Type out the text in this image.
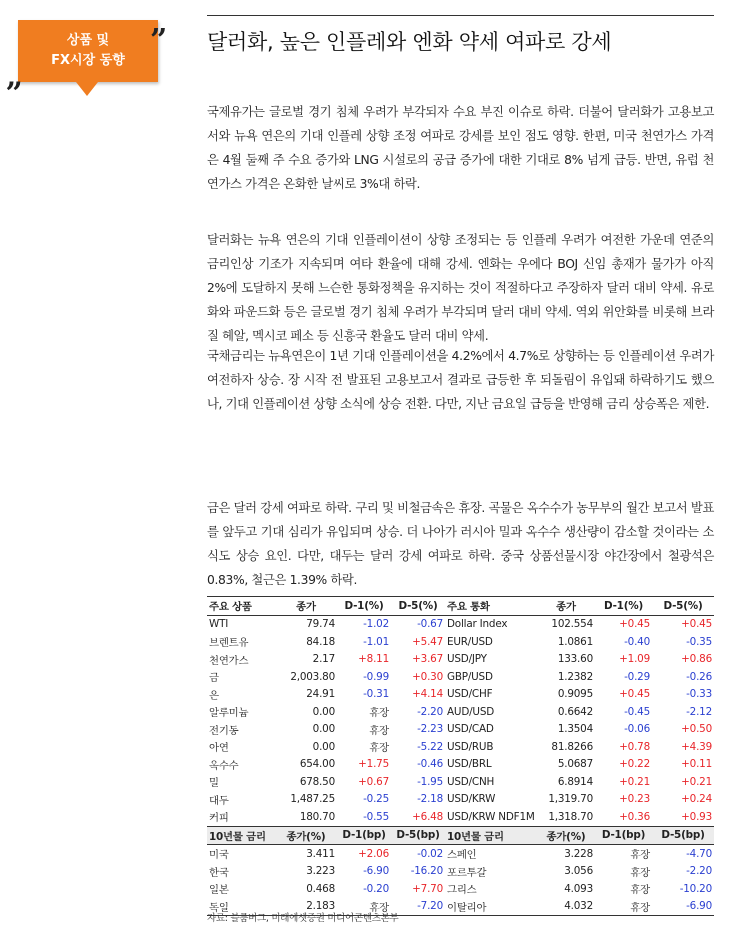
상품 및
FX시장 동향
„
” 달러화, 높은 인플레와 엔화 약세 여파로 강세

국제유가는 글로벌 경기 침체 우려가 부각되자 수요 부진 이슈로 하락. 더불어 달러화가 고용보고서와 뉴욕 연은의 기대 인플레 상향 조정 여파로 강세를 보인 점도 영향. 한편, 미국 천연가스 가격은 4월 둘째 주 수요 증가와 LNG 시설로의 공급 증가에 대한 기대로 8% 넘게 급등. 반면, 유럽 천연가스 가격은 온화한 날씨로 3%대 하락.

달러화는 뉴욕 연은의 기대 인플레이션이 상향 조정되는 등 인플레 우려가 여전한 가운데 연준의 금리인상 기조가 지속되며 여타 환율에 대해 강세. 엔화는 우에다 BOJ 신임 총재가 물가가 아직 2%에 도달하지 못해 느슨한 통화정책을 유지하는 것이 적절하다고 주장하자 달러 대비 약세. 유로화와 파운드화 등은 글로벌 경기 침체 우려가 부각되며 달러 대비 약세. 역외 위안화를 비롯해 브라질 헤알, 멕시코 페소 등 신흥국 환율도 달러 대비 약세.

국채금리는 뉴욕연은이 1년 기대 인플레이션을 4.2%에서 4.7%로 상향하는 등 인플레이션 우려가 여전하자 상승. 장 시작 전 발표된 고용보고서 결과로 급등한 후 되돌림이 유입돼 하락하기도 했으나, 기대 인플레이션 상향 소식에 상승 전환. 다만, 지난 금요일 급등을 반영해 금리 상승폭은 제한.

금은 달러 강세 여파로 하락. 구리 및 비철금속은 휴장. 곡물은 옥수수가 농무부의 월간 보고서 발표를 앞두고 기대 심리가 유입되며 상승. 더 나아가 러시아 밀과 옥수수 생산량이 감소할 것이라는 소식도 상승 요인. 다만, 대두는 달러 강세 여파로 하락. 중국 상품선물시장 야간장에서 철광석은 0.83%, 철근은 1.39% 하락.

주요 상품	종가	D-1(%)	D-5(%)	주요 통화	종가	D-1(%)	D-5(%)
WTI	79.74	-1.02	-0.67	Dollar Index	102.554	+0.45	+0.45
브렌트유	84.18	-1.01	+5.47	EUR/USD	1.0861	-0.40	-0.35
천연가스	2.17	+8.11	+3.67	USD/JPY	133.60	+1.09	+0.86
금	2,003.80	-0.99	+0.30	GBP/USD	1.2382	-0.29	-0.26
은	24.91	-0.31	+4.14	USD/CHF	0.9095	+0.45	-0.33
알루미늄	0.00	휴장	-2.20	AUD/USD	0.6642	-0.45	-2.12
전기동	0.00	휴장	-2.23	USD/CAD	1.3504	-0.06	+0.50
아연	0.00	휴장	-5.22	USD/RUB	81.8266	+0.78	+4.39
옥수수	654.00	+1.75	-0.46	USD/BRL	5.0687	+0.22	+0.11
밀	678.50	+0.67	-1.95	USD/CNH	6.8914	+0.21	+0.21
대두	1,487.25	-0.25	-2.18	USD/KRW	1,319.70	+0.23	+0.24
커피	180.70	-0.55	+6.48	USD/KRW NDF1M	1,318.70	+0.36	+0.93
10년물 금리	종가(%)	D-1(bp)	D-5(bp)	10년물 금리	종가(%)	D-1(bp)	D-5(bp)
미국	3.411	+2.06	-0.02	스페인	3.228	휴장	-4.70
한국	3.223	-6.90	-16.20	포르투갈	3.056	휴장	-2.20
일본	0.468	-0.20	+7.70	그리스	4.093	휴장	-10.20
독일	2.183	휴장	-7.20	이탈리아	4.032	휴장	-6.90
자료: 블룸버그, 미래에셋증권 미디어콘텐츠본부
